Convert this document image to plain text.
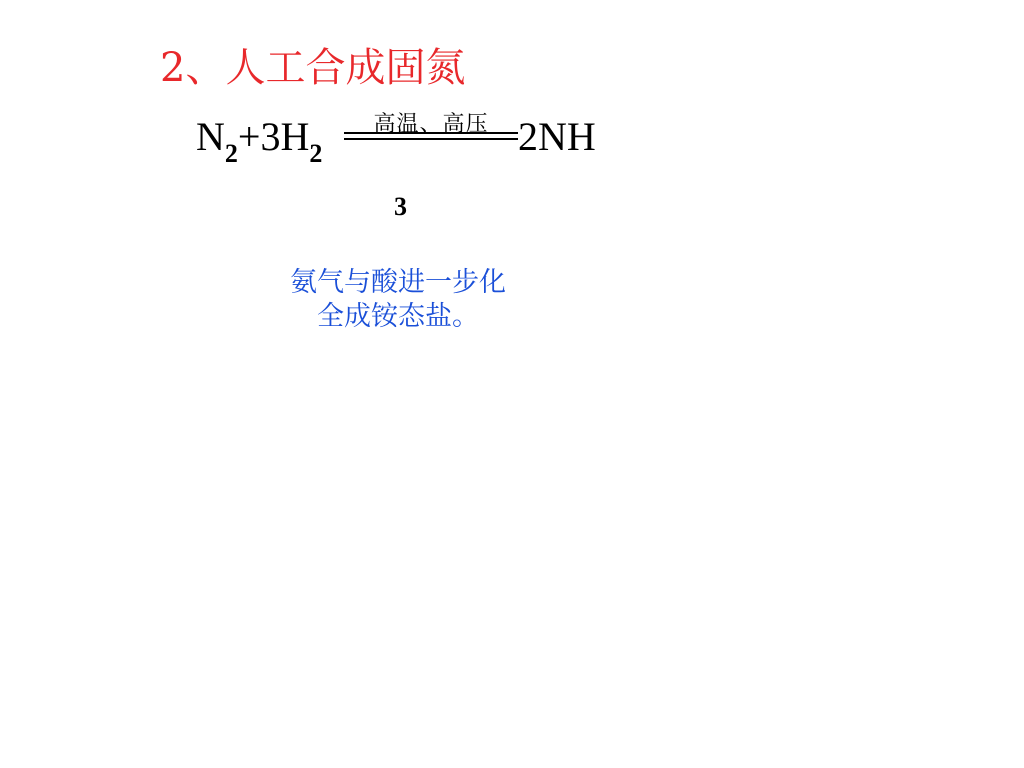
2、人工合成固氮
$N_2+3H_2$
高温、高压 2NH
3
氨气与酸进一步化
全成铵态盐。
